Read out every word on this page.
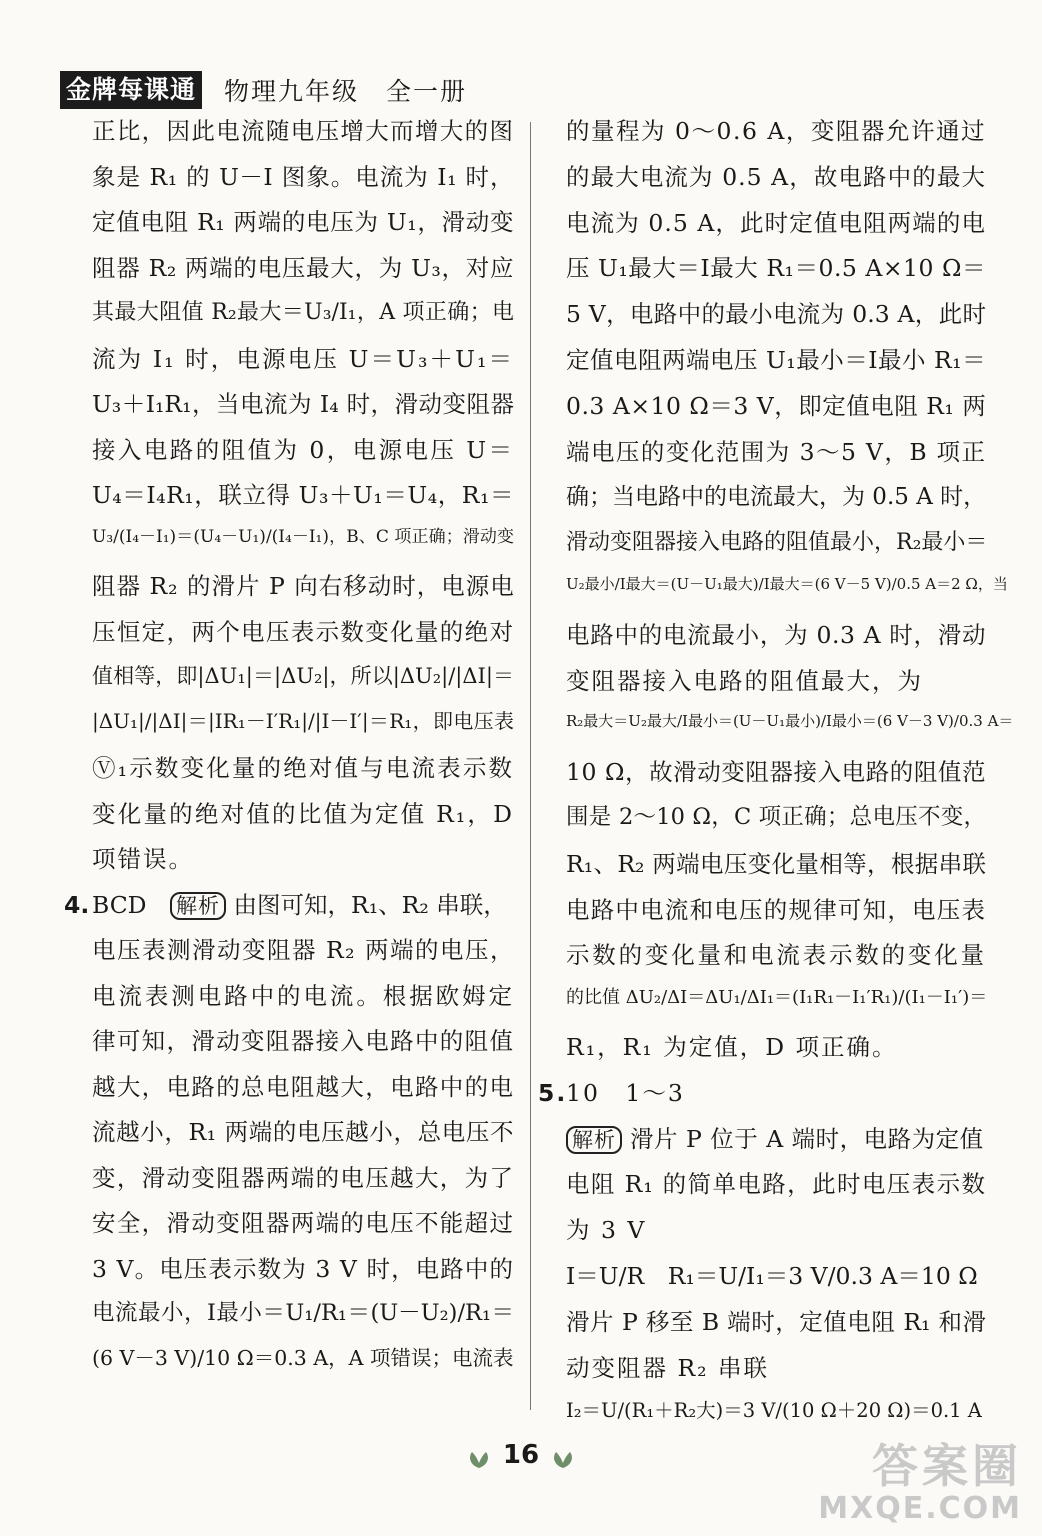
金牌每课通 物理九年级　全一册
正比，因此电流随电压增大而增大的图
象是 R₁ 的 U－I 图象。电流为 I₁ 时，
定值电阻 R₁ 两端的电压为 U₁，滑动变
阻器 R₂ 两端的电压最大，为 U₃，对应
其最大阻值 R₂最大＝U₃/I₁，A 项正确；电
流为 I₁ 时，电源电压 U＝U₃＋U₁＝
U₃＋I₁R₁，当电流为 I₄ 时，滑动变阻器
接入电路的阻值为 0，电源电压 U＝
U₄＝I₄R₁，联立得 U₃＋U₁＝U₄，R₁＝
U₃/(I₄－I₁)＝(U₄－U₁)/(I₄－I₁)，B、C 项正确；滑动变
阻器 R₂ 的滑片 P 向右移动时，电源电
压恒定，两个电压表示数变化量的绝对
值相等，即|ΔU₁|＝|ΔU₂|，所以|ΔU₂|/|ΔI|＝
|ΔU₁|/|ΔI|＝|IR₁－I′R₁|/|I－I′|＝R₁，即电压表
Ⓥ₁示数变化量的绝对值与电流表示数
变化量的绝对值的比值为定值 R₁，D
项错误。
4. BCD　 解析 由图可知，R₁、R₂ 串联，
电压表测滑动变阻器 R₂ 两端的电压，
电流表测电路中的电流。根据欧姆定
律可知，滑动变阻器接入电路中的阻值
越大，电路的总电阻越大，电路中的电
流越小，R₁ 两端的电压越小，总电压不
变，滑动变阻器两端的电压越大，为了
安全，滑动变阻器两端的电压不能超过
3 V。电压表示数为 3 V 时，电路中的
电流最小，I最小＝U₁/R₁＝(U－U₂)/R₁＝
(6 V－3 V)/10 Ω＝0.3 A，A 项错误；电流表
的量程为 0～0.6 A，变阻器允许通过
的最大电流为 0.5 A，故电路中的最大
电流为 0.5 A，此时定值电阻两端的电
压 U₁最大＝I最大 R₁＝0.5 A×10 Ω＝
5 V，电路中的最小电流为 0.3 A，此时
定值电阻两端电压 U₁最小＝I最小 R₁＝
0.3 A×10 Ω＝3 V，即定值电阻 R₁ 两
端电压的变化范围为 3～5 V，B 项正
确；当电路中的电流最大，为 0.5 A 时，
滑动变阻器接入电路的阻值最小，R₂最小＝
U₂最小/I最大＝(U－U₁最大)/I最大＝(6 V－5 V)/0.5 A＝2 Ω，当
电路中的电流最小，为 0.3 A 时，滑动
变阻器接入电路的阻值最大，为
R₂最大＝U₂最大/I最小＝(U－U₁最小)/I最小＝(6 V－3 V)/0.3 A＝
10 Ω，故滑动变阻器接入电路的阻值范
围是 2～10 Ω，C 项正确；总电压不变，
R₁、R₂ 两端电压变化量相等，根据串联
电路中电流和电压的规律可知，电压表
示数的变化量和电流表示数的变化量
的比值 ΔU₂/ΔI＝ΔU₁/ΔI₁＝(I₁R₁－I₁′R₁)/(I₁－I₁′)＝
R₁，R₁ 为定值，D 项正确。
5.
10　1～3
解析 滑片 P 位于 A 端时，电路为定值
电阻 R₁ 的简单电路，此时电压表示数
为 3 V
I＝U/R　R₁＝U/I₁＝3 V/0.3 A＝10 Ω
滑片 P 移至 B 端时，定值电阻 R₁ 和滑
动变阻器 R₂ 串联
I₂＝U/(R₁＋R₂大)＝3 V/(10 Ω＋20 Ω)＝0.1 A
16	答案圈
MXQE.COM
